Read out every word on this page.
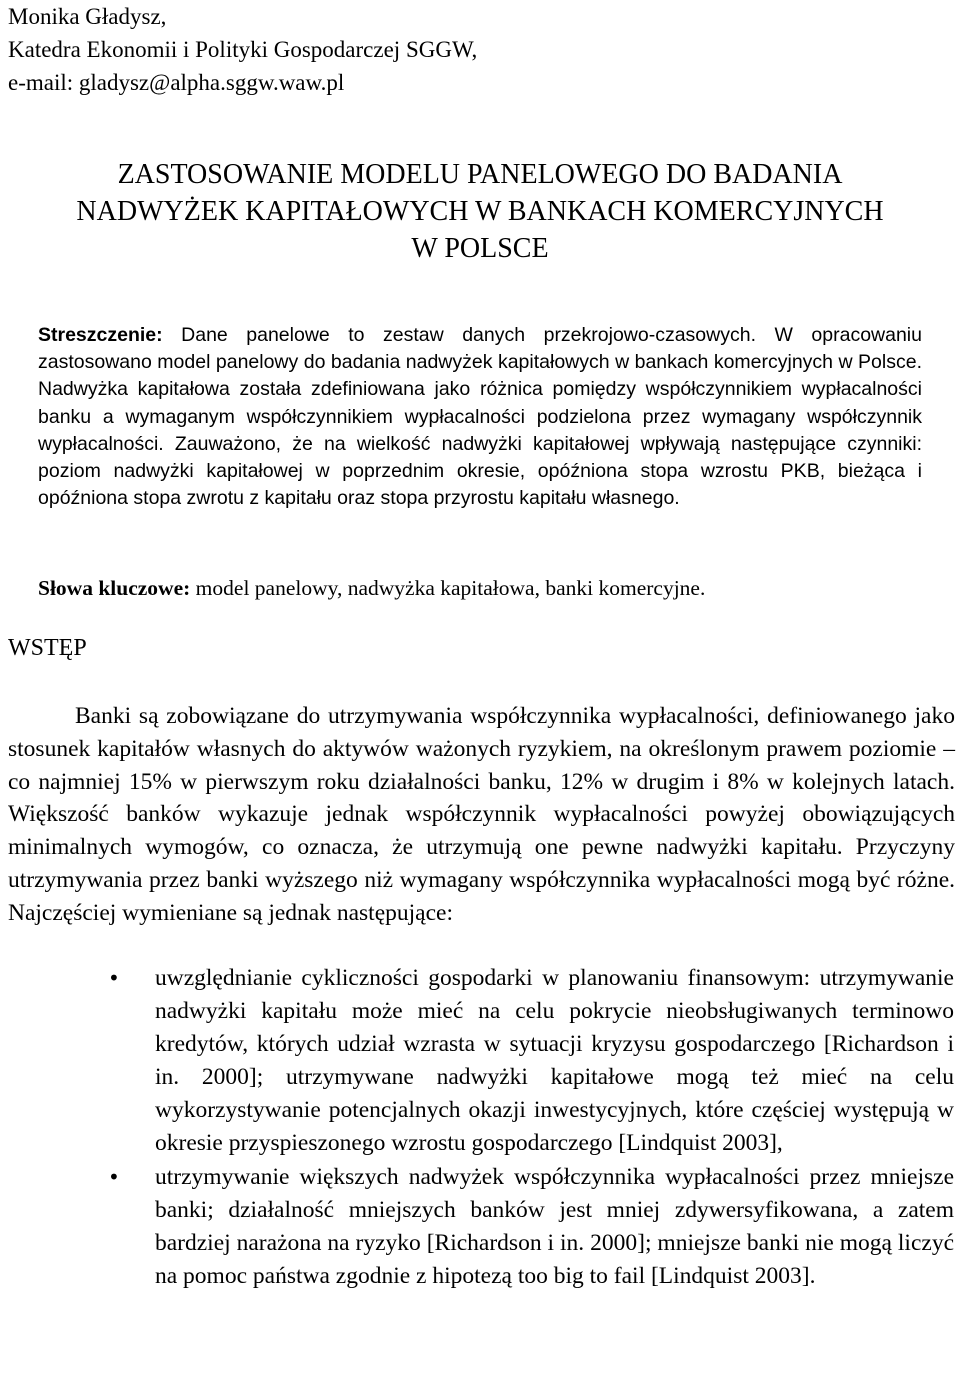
Monika Gładysz,
Katedra Ekonomii i Polityki Gospodarczej SGGW,
e-mail: gladysz@alpha.sggw.waw.pl
ZASTOSOWANIE MODELU PANELOWEGO DO BADANIA
NADWYŻEK KAPITAŁOWYCH W BANKACH KOMERCYJNYCH
W POLSCE
Streszczenie: Dane panelowe to zestaw danych przekrojowo-czasowych. W opracowaniu zastosowano model panelowy do badania nadwyżek kapitałowych w bankach komercyjnych w Polsce. Nadwyżka kapitałowa została zdefiniowana jako różnica pomiędzy współczynnikiem wypłacalności banku a wymaganym współczynnikiem wypłacalności podzielona przez wymagany współczynnik wypłacalności. Zauważono, że na wielkość nadwyżki kapitałowej wpływają następujące czynniki: poziom nadwyżki kapitałowej w poprzednim okresie, opóźniona stopa wzrostu PKB, bieżąca i opóźniona stopa zwrotu z kapitału oraz stopa przyrostu kapitału własnego.
Słowa kluczowe: model panelowy, nadwyżka kapitałowa, banki komercyjne.
WSTĘP

Banki są zobowiązane do utrzymywania współczynnika wypłacalności, definiowanego jako stosunek kapitałów własnych do aktywów ważonych ryzykiem, na określonym prawem poziomie – co najmniej 15% w pierwszym roku działalności banku, 12% w drugim i 8% w kolejnych latach. Większość banków wykazuje jednak współczynnik wypłacalności powyżej obowiązujących minimalnych wymogów, co oznacza, że utrzymują one pewne nadwyżki kapitału. Przyczyny utrzymywania przez banki wyższego niż wymagany współczynnika wypłacalności mogą być różne. Najczęściej wymieniane są jednak następujące:

• uwzględnianie cykliczności gospodarki w planowaniu finansowym: utrzymywanie nadwyżki kapitału może mieć na celu pokrycie nieobsługiwanych terminowo kredytów, których udział wzrasta w sytuacji kryzysu gospodarczego [Richardson i in. 2000]; utrzymywane nadwyżki kapitałowe mogą też mieć na celu wykorzystywanie potencjalnych okazji inwestycyjnych, które częściej występują w okresie przyspieszonego wzrostu gospodarczego [Lindquist 2003],
• utrzymywanie większych nadwyżek współczynnika wypłacalności przez mniejsze banki; działalność mniejszych banków jest mniej zdywersyfikowana, a zatem bardziej narażona na ryzyko [Richardson i in. 2000]; mniejsze banki nie mogą liczyć na pomoc państwa zgodnie z hipotezą too big to fail [Lindquist 2003].
